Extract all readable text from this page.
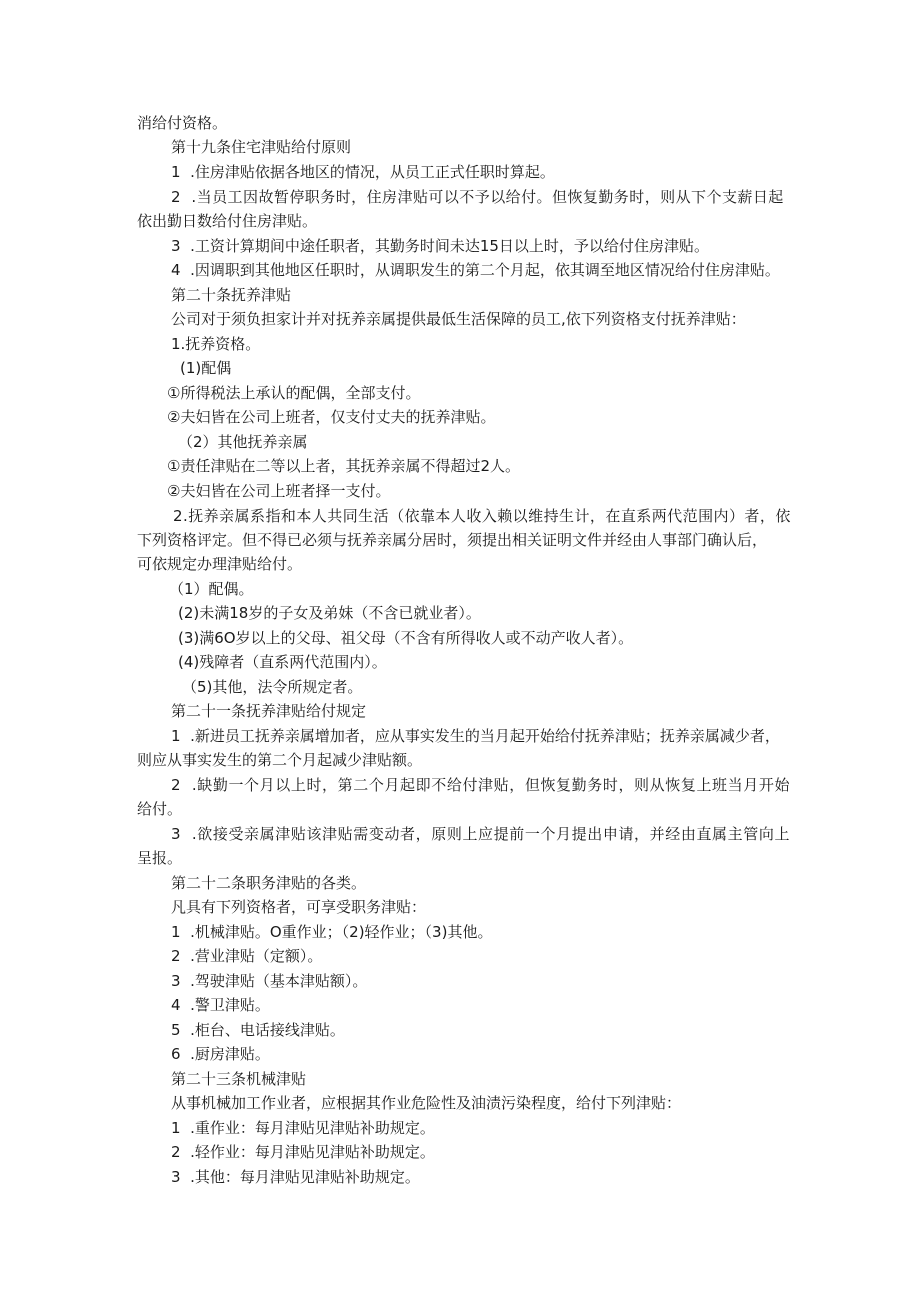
消给付资格。
第十九条住宅津贴给付原则
1  .住房津贴依据各地区的情况，从员工正式任职时算起。
2  .当员工因故暂停职务时，住房津贴可以不予以给付。但恢复勤务时，则从下个支薪日起
依出勤日数给付住房津贴。
3  .工资计算期间中途任职者，其勤务时间未达15日以上时，予以给付住房津贴。
4  .因调职到其他地区任职时，从调职发生的第二个月起，依其调至地区情况给付住房津贴。
第二十条抚养津贴
公司对于须负担家计并对抚养亲属提供最低生活保障的员工,依下列资格支付抚养津贴：
1.抚养资格。
(1)配偶
①所得税法上承认的配偶，全部支付。
②夫妇皆在公司上班者，仅支付丈夫的抚养津贴。
（2）其他抚养亲属
①责任津贴在二等以上者，其抚养亲属不得超过2人。
②夫妇皆在公司上班者择一支付。
2.抚养亲属系指和本人共同生活（依靠本人收入赖以维持生计，在直系两代范围内）者，依
下列资格评定。但不得已必须与抚养亲属分居时，须提出相关证明文件并经由人事部门确认后，
可依规定办理津贴给付。
（1）配偶。
(2)未满18岁的子女及弟妹（不含已就业者）。
(3)满6O岁以上的父母、祖父母（不含有所得收人或不动产收人者）。
(4)残障者（直系两代范围内）。
（5)其他，法令所规定者。
第二十一条抚养津贴给付规定
1  .新进员工抚养亲属增加者，应从事实发生的当月起开始给付抚养津贴；抚养亲属减少者，
则应从事实发生的第二个月起减少津贴额。
2  .缺勤一个月以上时，第二个月起即不给付津贴，但恢复勤务时，则从恢复上班当月开始
给付。
3  .欲接受亲属津贴该津贴需变动者，原则上应提前一个月提出申请，并经由直属主管向上
呈报。
第二十二条职务津贴的各类。
凡具有下列资格者，可享受职务津贴：
1  .机械津贴。O重作业；（2)轻作业；（3)其他。
2  .营业津贴（定额）。
3  .驾驶津贴（基本津贴额）。
4  .警卫津贴。
5  .柜台、电话接线津贴。
6  .厨房津贴。
第二十三条机械津贴
从事机械加工作业者，应根据其作业危险性及油渍污染程度，给付下列津贴：
1  .重作业：每月津贴见津贴补助规定。
2  .轻作业：每月津贴见津贴补助规定。
3  .其他：每月津贴见津贴补助规定。
